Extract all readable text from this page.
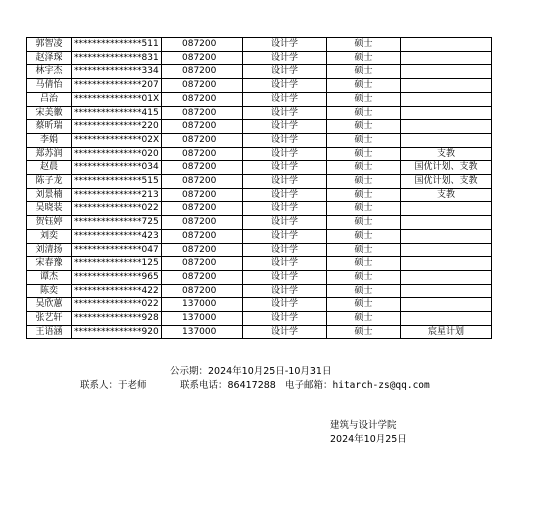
郭智凌	***************511	087200	设计学	硕士	
赵泽琛	***************831	087200	设计学	硕士	
林宇杰	***************334	087200	设计学	硕士	
马倩怡	***************207	087200	设计学	硕士	
吕治	***************01X	087200	设计学	硕士	
宋美徽	***************415	087200	设计学	硕士	
蔡昕瑞	***************220	087200	设计学	硕士	
李娟	***************02X	087200	设计学	硕士	
郑苏润	***************020	087200	设计学	硕士	支教
赵晨	***************034	087200	设计学	硕士	国优计划、支教
陈子龙	***************515	087200	设计学	硕士	国优计划、支教
刘景楠	***************213	087200	设计学	硕士	支教
吴晓装	***************022	087200	设计学	硕士	
贺钰婷	***************725	087200	设计学	硕士	
刘奕	***************423	087200	设计学	硕士	
刘清扬	***************047	087200	设计学	硕士	
宋春豫	***************125	087200	设计学	硕士	
谭杰	***************965	087200	设计学	硕士	
陈奕	***************422	087200	设计学	硕士	
吴欣蕙	***************022	137000	设计学	硕士	
张艺轩	***************928	137000	设计学	硕士	
王语涵	***************920	137000	设计学	硕士	宸星计划
公示期：2024年10月25日-10月31日
联系人：于老师	联系电话：86417288 电子邮箱：hitarch-zs@qq.com
建筑与设计学院
2024年10月25日
